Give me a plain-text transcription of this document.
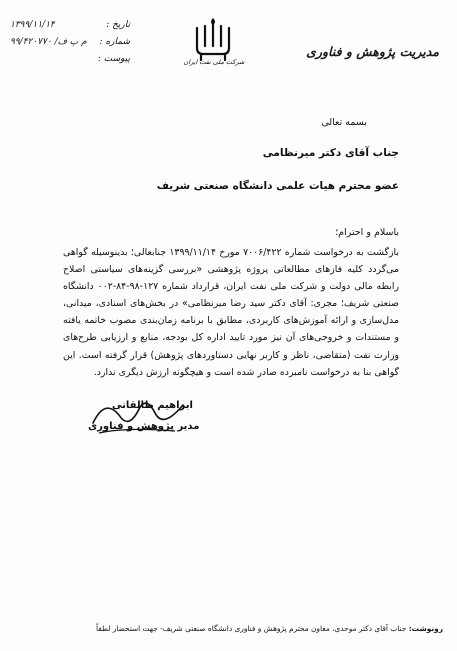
مدیریت پژوهش و فناوری
شرکت ملی نفت ایران
تاریخ :
۱۳۹۹/۱۱/۱۴
شماره :
م پ ف/ ۹۹/۴۲۰۷۷۰
پیوست :
بسمه تعالی
جناب آقای دکتر میرنظامی
عضو محترم هیات علمی دانشگاه صنعتی شریف
باسلام و احترام؛

بازگشت به درخواست شماره ۷۰۰۶/۴۲۲ مورخ ۱۳۹۹/۱۱/۱۴ جنابعالی؛ بدینوسیله گواهی می‌گردد کلیه فازهای مطالعاتی پروژه پژوهشی «بررسی گزینه‌های سیاستی اصلاح رابطه مالی دولت و شرکت ملی نفت ایران، قرارداد شماره ۱۲۷-۹۸-۸۴-۰۰۲ دانشگاه صنعتی شریف؛ مجری: آقای دکتر سید رضا میرنظامی» در بخش‌های اسنادی، میدانی، مدل‌سازی و ارائه آموزش‌های کاربردی، مطابق با برنامه زمان‌بندی مصوب خاتمه یافته و مستندات و خروجی‌های آن نیز مورد تایید اداره کل بودجه، منابع و ارزیابی طرح‌های وزارت نفت (متقاضی، ناظر و کاربر نهایی دستاوردهای پژوهش) قرار گرفته است. این گواهی بنا به درخواست نامبرده صادر شده است و هیچگونه ارزش دیگری ندارد.

ابراهیم طالقانی
مدیر پژوهش و فناوری
رونوشت: جناب آقای دکتر موحدی، معاون محترم پژوهش و فناوری دانشگاه صنعتی شریف- جهت استحضار لطفاً
